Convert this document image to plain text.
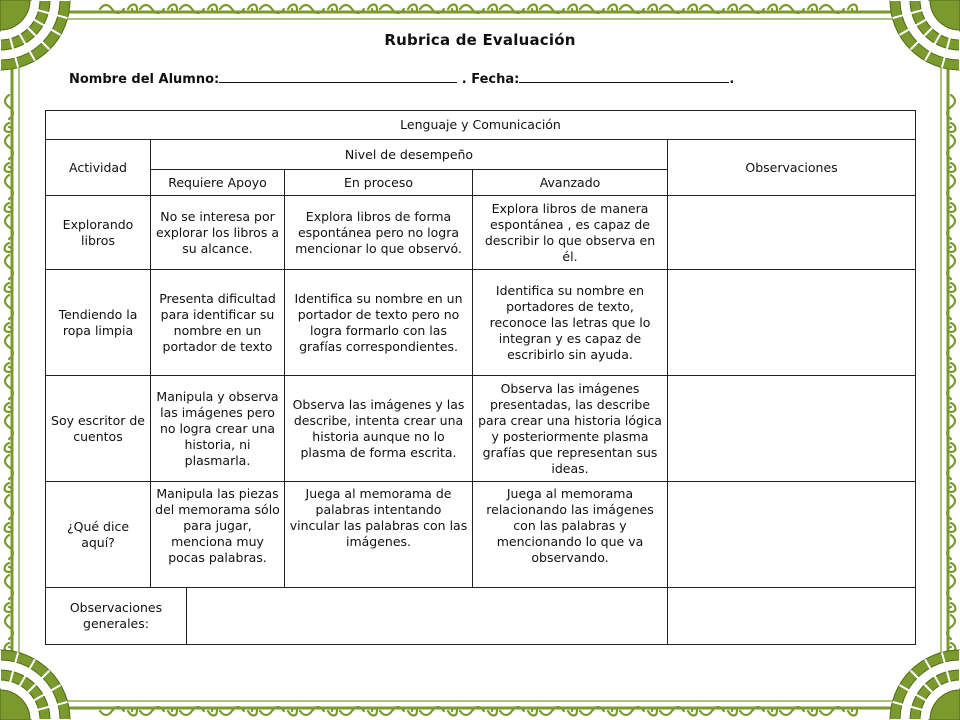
Rubrica de Evaluación
Nombre del Alumno:	. Fecha:	.
Lenguaje y Comunicación					
Actividad	Nivel de desempeño				Observaciones
	Requiere Apoyo		En proceso	Avanzado	
Explorando libros	No se interesa por explorar los libros a su alcance.		Explora libros de forma espontánea pero no logra mencionar lo que observó.	Explora libros de manera espontánea , es capaz de describir lo que observa en él.	
Tendiendo la ropa limpia	Presenta dificultad para identificar su nombre en un portador de texto		Identifica su nombre en un portador de texto pero no logra formarlo con las grafías correspondientes.	Identifica su nombre en portadores de texto, reconoce las letras que lo integran y es capaz de escribirlo sin ayuda.	
Soy escritor de cuentos	Manipula y observa las imágenes pero no logra crear una historia, ni plasmarla.		Observa las imágenes y las describe, intenta crear una historia aunque no lo plasma de forma escrita.	Observa las imágenes presentadas, las describe para crear una historia lógica y posteriormente plasma grafías que representan sus ideas.	
¿Qué dice aquí?	Manipula las piezas del memorama sólo para jugar, menciona muy pocas palabras.		Juega al memorama de palabras intentando vincular las palabras con las imágenes.	Juega al memorama relacionando las imágenes con las palabras y mencionando lo que va observando.	
Observaciones generales:					
